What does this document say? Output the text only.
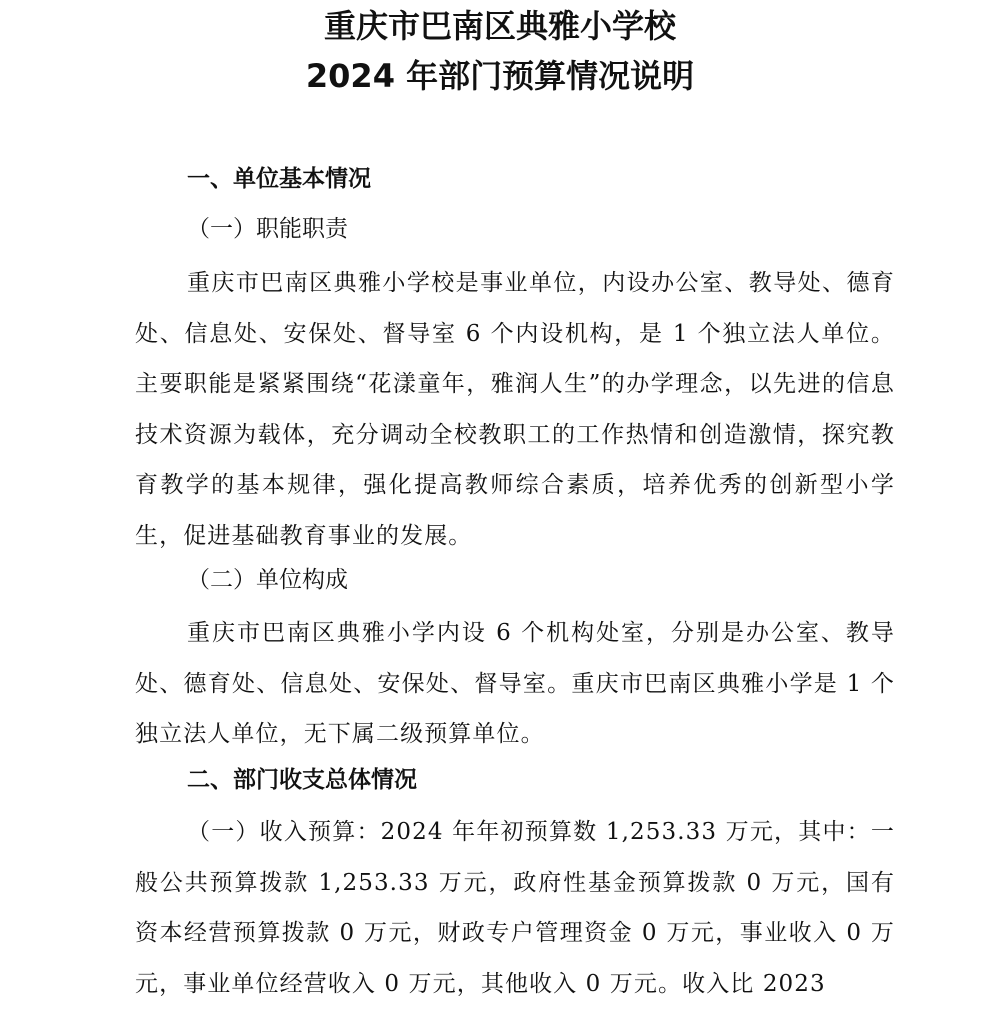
重庆市巴南区典雅小学校
2024 年部门预算情况说明
一、单位基本情况
（一）职能职责
重庆市巴南区典雅小学校是事业单位，内设办公室、教导处、德育处、信息处、安保处、督导室 6 个内设机构，是 1 个独立法人单位。主要职能是紧紧围绕“花漾童年，雅润人生”的办学理念，以先进的信息技术资源为载体，充分调动全校教职工的工作热情和创造激情，探究教育教学的基本规律，强化提高教师综合素质，培养优秀的创新型小学生，促进基础教育事业的发展。
（二）单位构成
重庆市巴南区典雅小学内设 6 个机构处室，分别是办公室、教导处、德育处、信息处、安保处、督导室。重庆市巴南区典雅小学是 1 个独立法人单位，无下属二级预算单位。
二、部门收支总体情况
（一）收入预算：2024 年年初预算数 1,253.33 万元，其中：一般公共预算拨款 1,253.33 万元，政府性基金预算拨款 0 万元，国有资本经营预算拨款 0 万元，财政专户管理资金 0 万元，事业收入 0 万元，事业单位经营收入 0 万元，其他收入 0 万元。收入比 2023
